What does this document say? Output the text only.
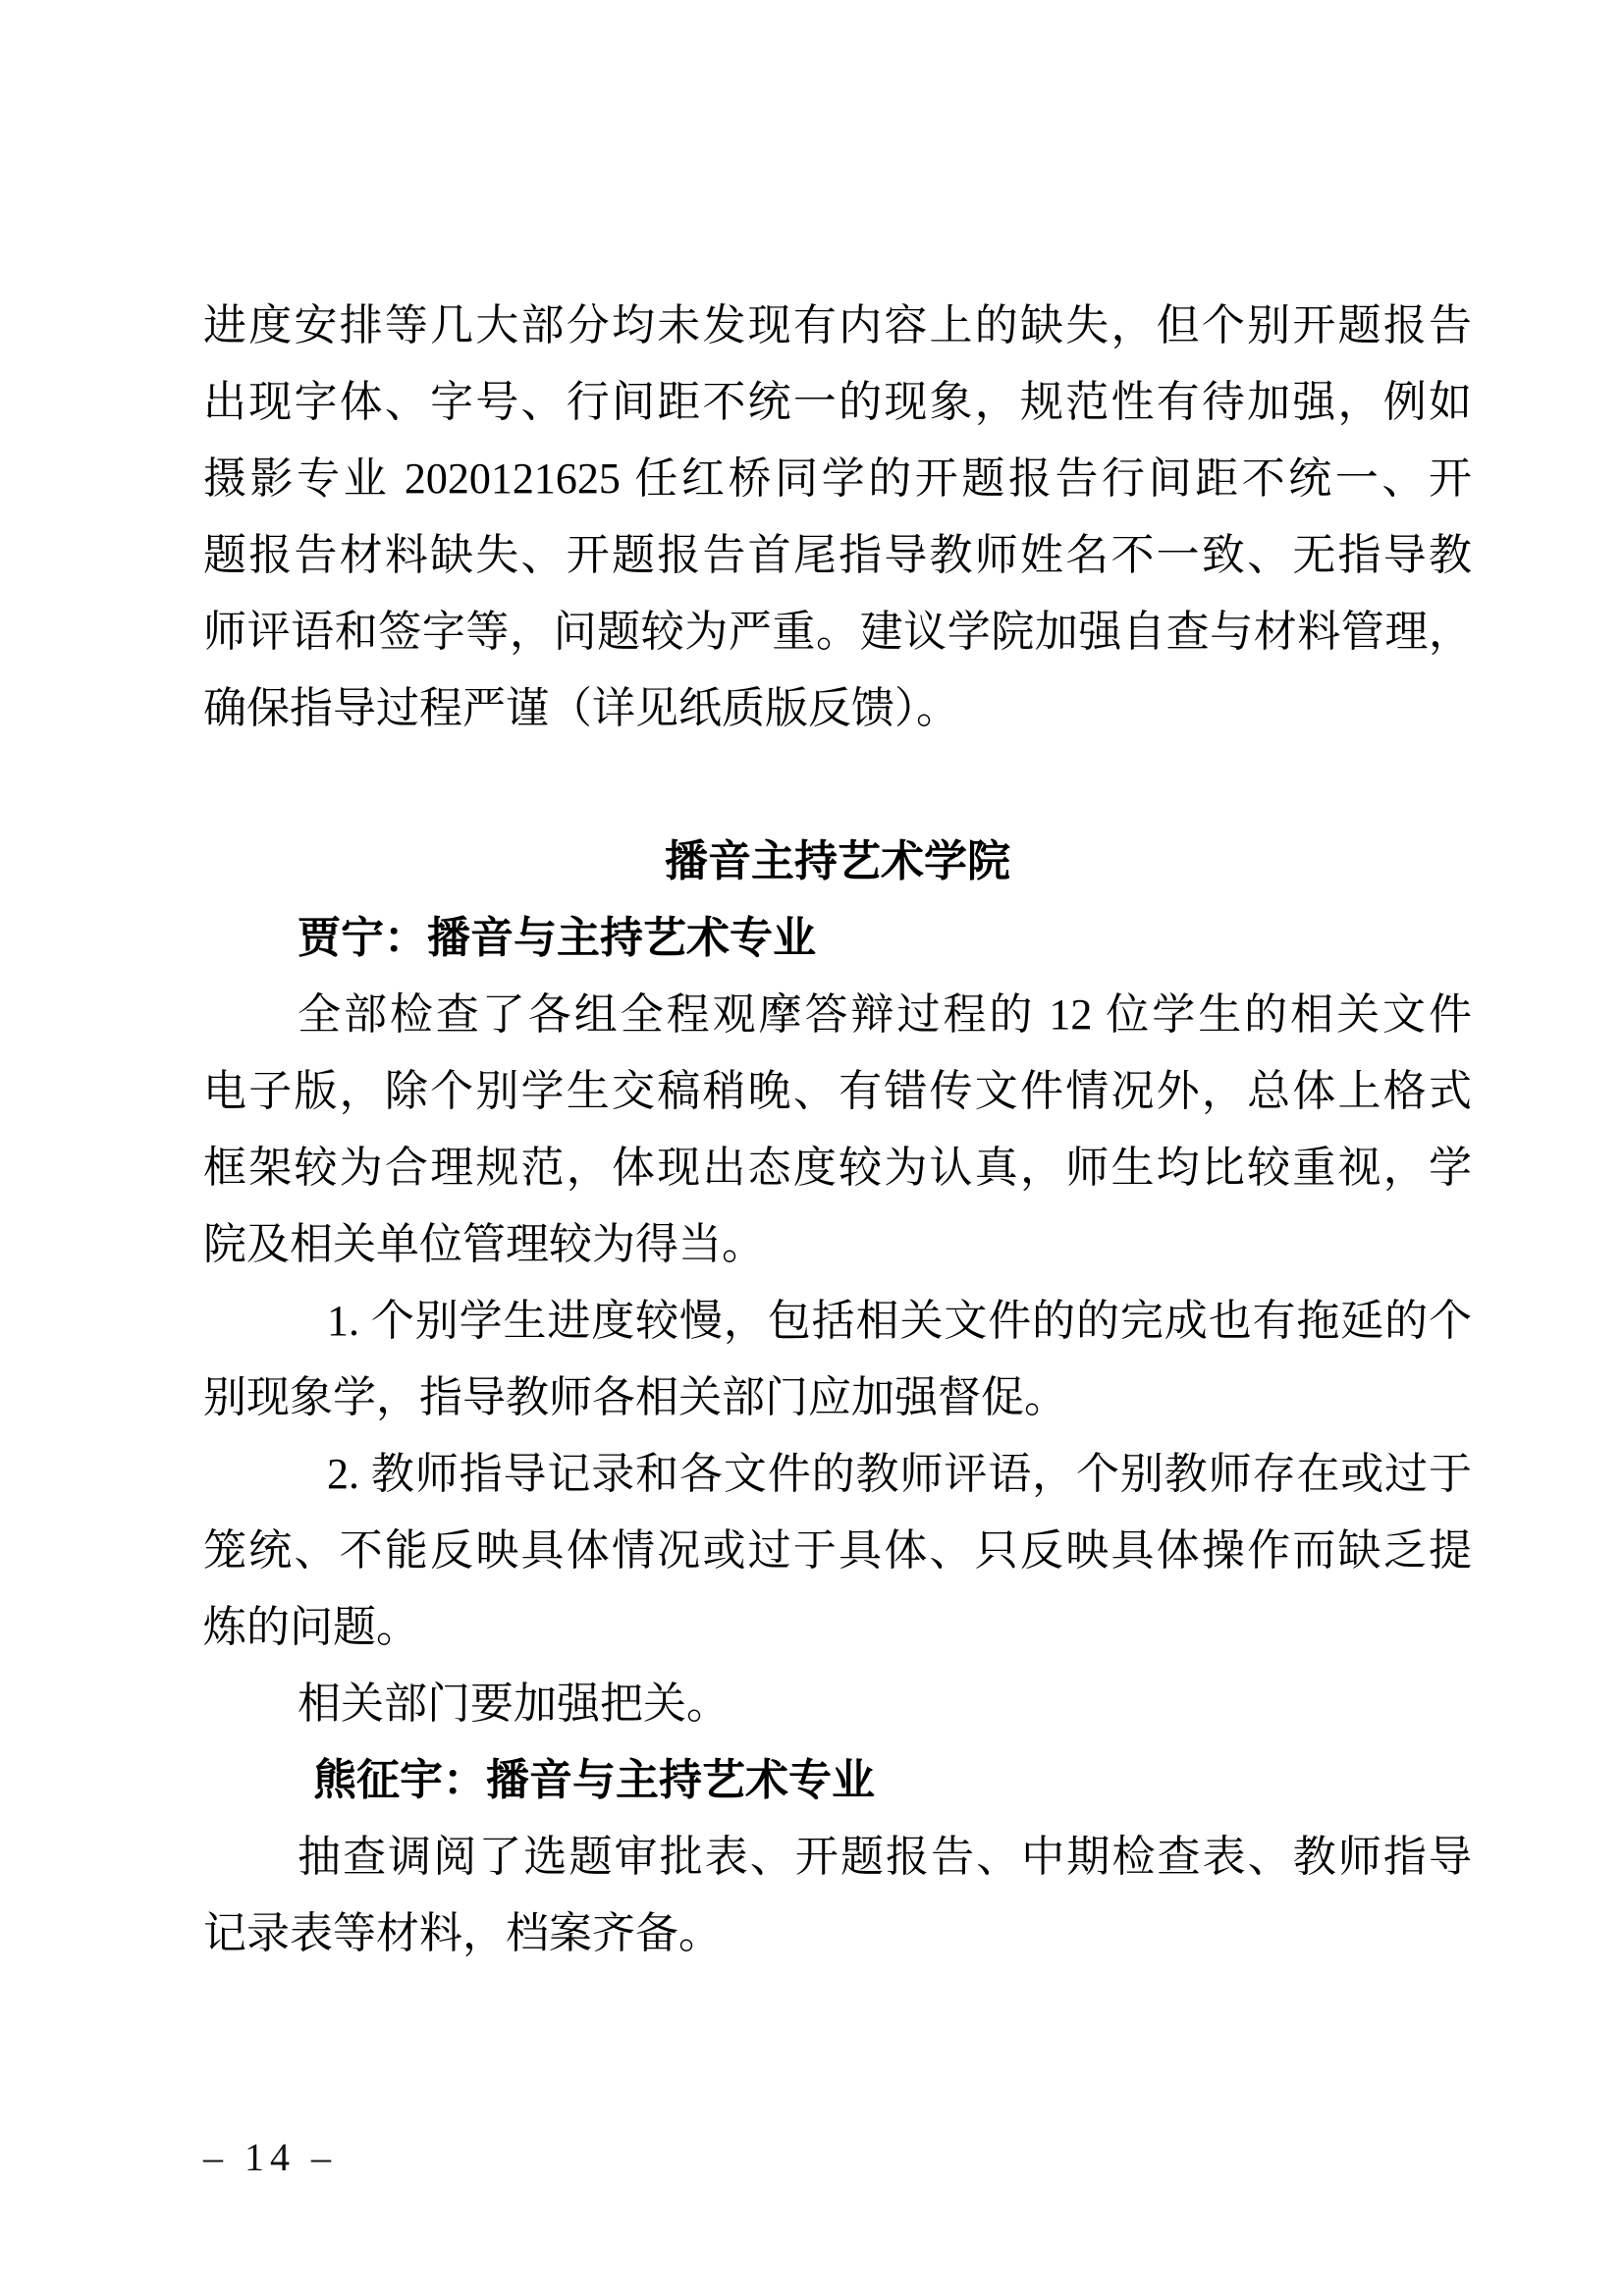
进度安排等几大部分均未发现有内容上的缺失，但个别开题报告
出现字体、字号、行间距不统一的现象，规范性有待加强，例如
摄影专业 2020121625 任红桥同学的开题报告行间距不统一、开
题报告材料缺失、开题报告首尾指导教师姓名不一致、无指导教
师评语和签字等，问题较为严重。建议学院加强自查与材料管理，
确保指导过程严谨（详见纸质版反馈）。
播音主持艺术学院
贾宁：播音与主持艺术专业
全部检查了各组全程观摩答辩过程的 12 位学生的相关文件
电子版，除个别学生交稿稍晚、有错传文件情况外，总体上格式
框架较为合理规范，体现出态度较为认真，师生均比较重视，学
院及相关单位管理较为得当。
1. 个别学生进度较慢，包括相关文件的的完成也有拖延的个
别现象学，指导教师各相关部门应加强督促。
2. 教师指导记录和各文件的教师评语，个别教师存在或过于
笼统、不能反映具体情况或过于具体、只反映具体操作而缺乏提
炼的问题。
相关部门要加强把关。
熊征宇：播音与主持艺术专业
抽查调阅了选题审批表、开题报告、中期检查表、教师指导
记录表等材料，档案齐备。
– 14 –
